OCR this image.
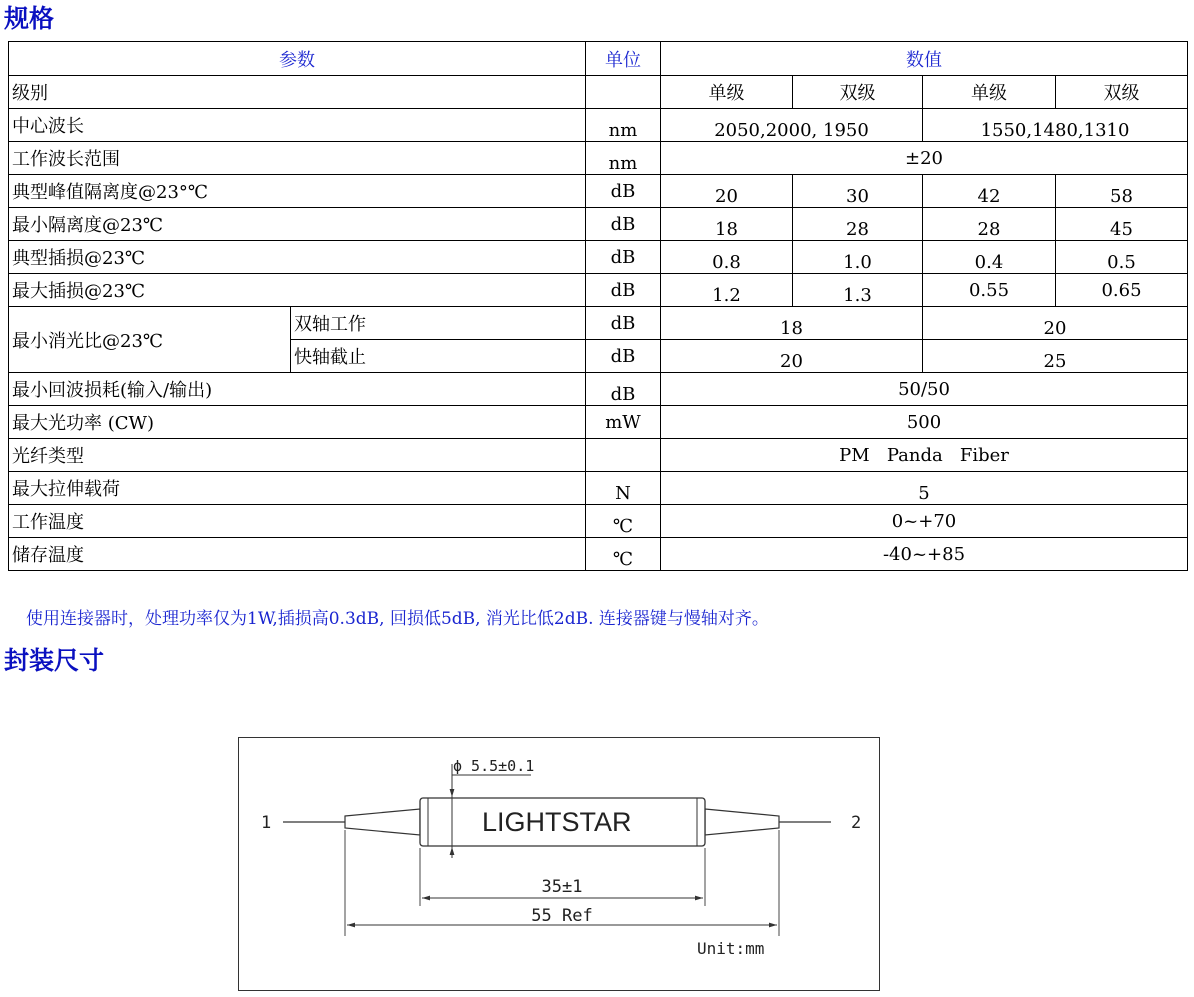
规格
参数		单位	数值			
级别			单级	双级	单级	双级
中心波长		nm	2050,2000, 1950		1550,1480,1310	
工作波长范围		nm	±20			
典型峰值隔离度@23°℃		dB	20	30	42	58
最小隔离度@23℃		dB	18	28	28	45
典型插损@23℃		dB	0.8	1.0	0.4	0.5
最大插损@23℃		dB	1.2	1.3	0.55	0.65
最小消光比@23℃	双轴工作	dB	18		20	
	快轴截止	dB	20		25	
最小回波损耗(输入/输出)		dB	50/50			
最大光功率 (CW)		mW	500			
光纤类型			PM   Panda   Fiber			
最大拉伸载荷		N	5			
工作温度		℃	0~+70			
储存温度		℃	-40~+85			
使用连接器时，处理功率仅为1W,插损高0.3dB, 回损低5dB, 消光比低2dB. 连接器键与慢轴对齐。
封装尺寸
ϕ 5.5±0.1
LIGHTSTAR
1	2
35±1
55 Ref
Unit:mm
